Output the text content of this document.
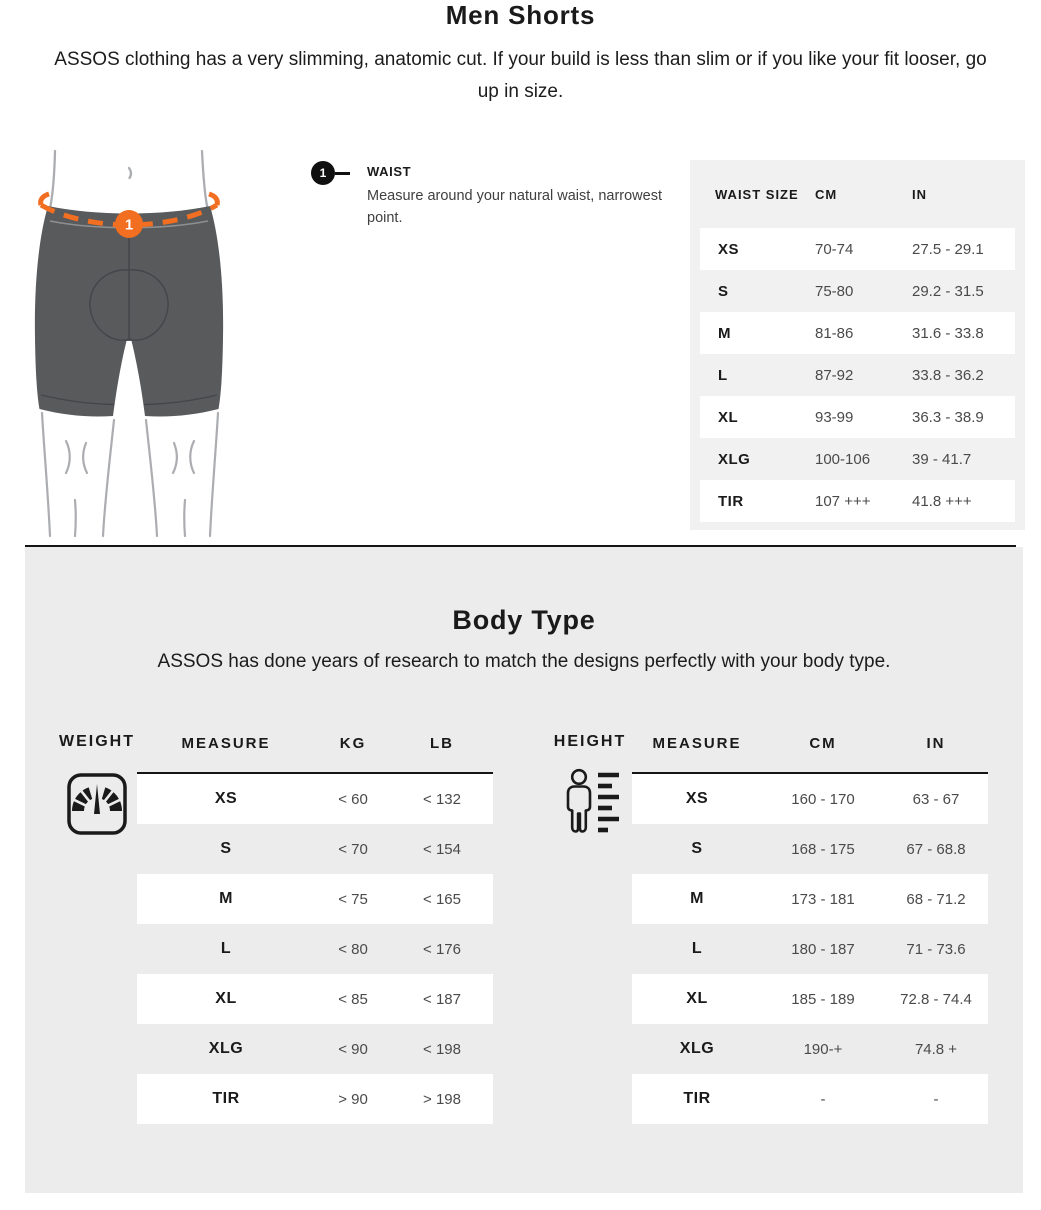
Men Shorts
ASSOS clothing has a very slimming, anatomic cut. If your build is less than slim or if you like your fit looser, go up in size.
1
1	WAIST
Measure around your natural waist, narrowest point.
WAIST SIZE	CM	IN
XS	70-74	27.5 - 29.1
S	75-80	29.2 - 31.5
M	81-86	31.6 - 33.8
L	87-92	33.8 - 36.2
XL	93-99	36.3 - 38.9
XLG	100-106	39 - 41.7
TIR	107 +++	41.8 +++
Body Type
ASSOS has done years of research to match the designs perfectly with your body type.
WEIGHT	MEASURE	KG	LB
XS	< 60	< 132
S	< 70	< 154
M	< 75	< 165
L	< 80	< 176
XL	< 85	< 187
XLG	< 90	< 198
TIR	> 90	> 198
HEIGHT	MEASURE	CM	IN
XS	160 - 170	63 - 67
S	168 - 175	67 - 68.8
M	173 - 181	68 - 71.2
L	180 - 187	71 - 73.6
XL	185 - 189	72.8 - 74.4
XLG	190-+	74.8 +
TIR	-	-
